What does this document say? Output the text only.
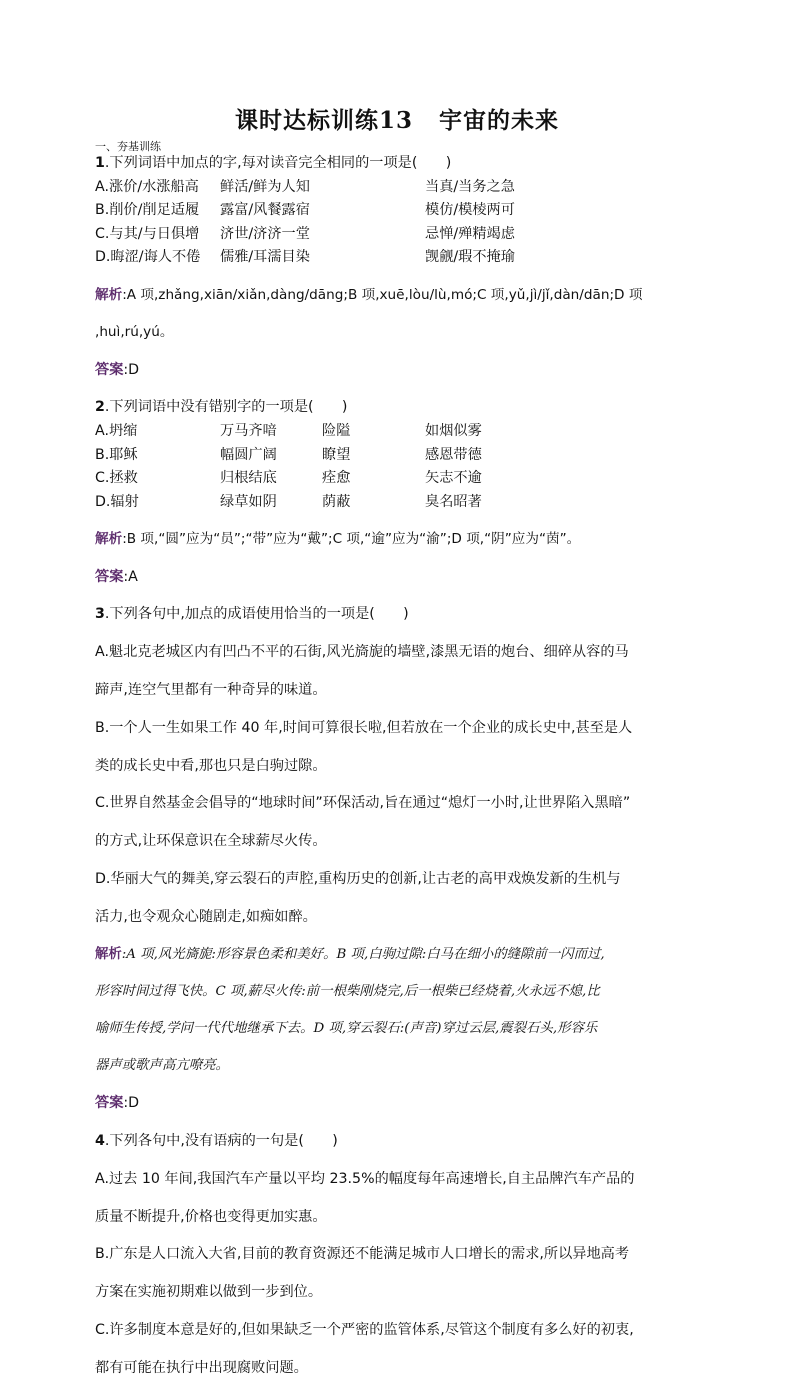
课时达标训练13 宇宙的未来
一、夯基训练

1.下列词语中加点的字,每对读音完全相同的一项是(　　)

A.涨价/水涨船高	鲜活/鲜为人知	当真/当务之急
B.削价/削足适履	露富/风餐露宿	模仿/模棱两可
C.与其/与日俱增	济世/济济一堂	忌惮/殚精竭虑
D.晦涩/诲人不倦	儒雅/耳濡目染	觊觎/瑕不掩瑜

解析:A 项,zhǎng,xiān/xiǎn,dàng/dāng;B 项,xuē,lòu/lù,mó;C 项,yǔ,jì/jǐ,dàn/dān;D 项

,huì,rú,yú。

答案:D

2.下列词语中没有错别字的一项是(　　)

A.坍缩	万马齐喑	险隘	如烟似雾
B.耶稣	幅圆广阔	瞭望	感恩带德
C.拯救	归根结底	痊愈	矢志不逾
D.辐射	绿草如阴	荫蔽	臭名昭著

解析:B 项,“圆”应为“员”;“带”应为“戴”;C 项,“逾”应为“渝”;D 项,“阴”应为“茵”。

答案:A

3.下列各句中,加点的成语使用恰当的一项是(　　)

A.魁北克老城区内有凹凸不平的石街,风光旖旎的墙壁,漆黑无语的炮台、细碎从容的马

蹄声,连空气里都有一种奇异的味道。

B.一个人一生如果工作 40 年,时间可算很长啦,但若放在一个企业的成长史中,甚至是人

类的成长史中看,那也只是白驹过隙。

C.世界自然基金会倡导的“地球时间”环保活动,旨在通过“熄灯一小时,让世界陷入黑暗”

的方式,让环保意识在全球薪尽火传。

D.华丽大气的舞美,穿云裂石的声腔,重构历史的创新,让古老的高甲戏焕发新的生机与

活力,也令观众心随剧走,如痴如醉。

解析:A 项,风光旖旎:形容景色柔和美好。B 项,白驹过隙:白马在细小的缝隙前一闪而过,

形容时间过得飞快。C 项,薪尽火传:前一根柴刚烧完,后一根柴已经烧着,火永远不熄,比

喻师生传授,学问一代代地继承下去。D 项,穿云裂石:(声音)穿过云层,震裂石头,形容乐

器声或歌声高亢嘹亮。

答案:D

4.下列各句中,没有语病的一句是(　　)

A.过去 10 年间,我国汽车产量以平均 23.5%的幅度每年高速增长,自主品牌汽车产品的

质量不断提升,价格也变得更加实惠。

B.广东是人口流入大省,目前的教育资源还不能满足城市人口增长的需求,所以异地高考

方案在实施初期难以做到一步到位。

C.许多制度本意是好的,但如果缺乏一个严密的监管体系,尽管这个制度有多么好的初衷,

都有可能在执行中出现腐败问题。
